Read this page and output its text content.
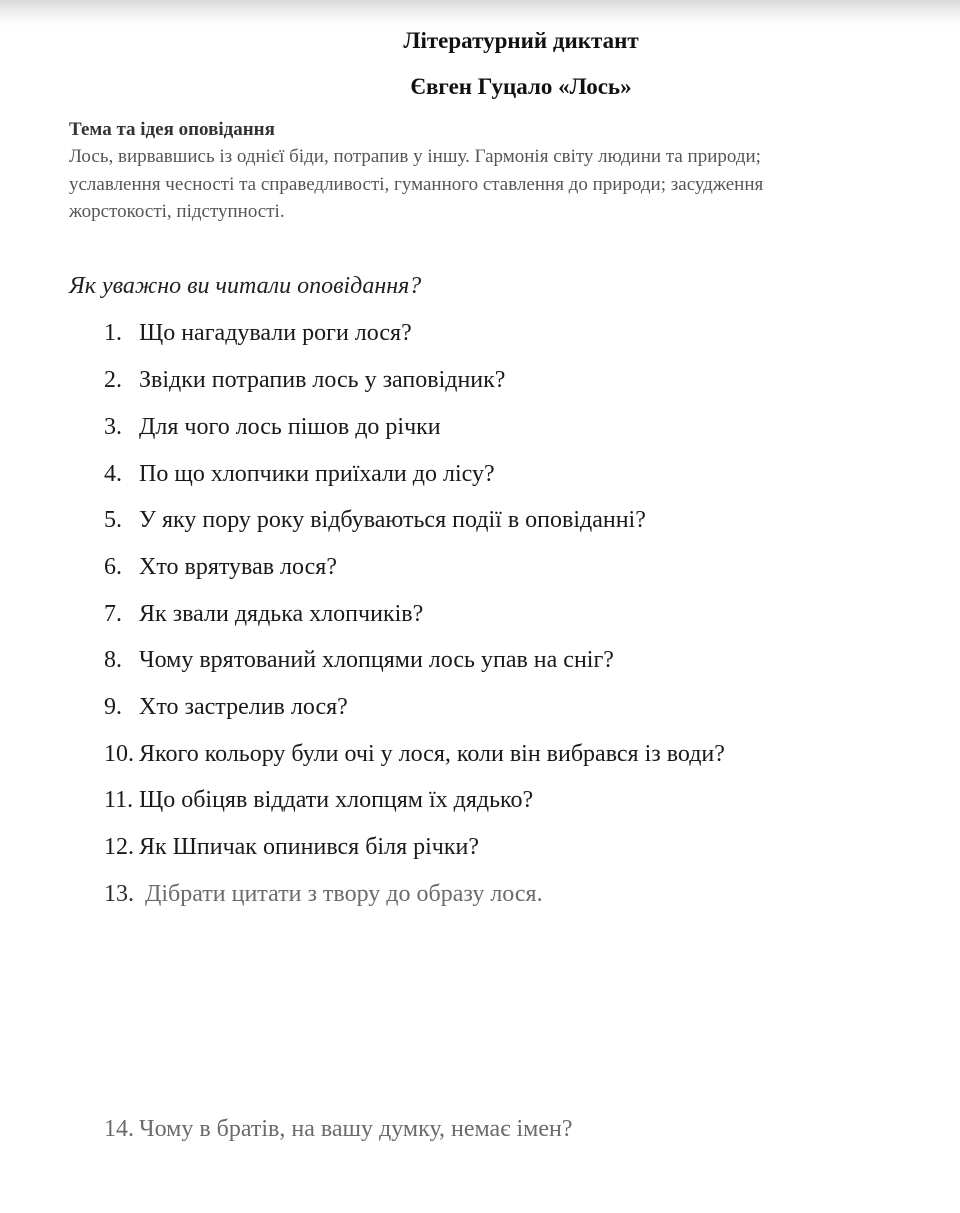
Літературний диктант
Євген Гуцало «Лось»
Тема та ідея оповідання
Лось, вирвавшись із однієї біди, потрапив у іншу. Гармонія світу людини та природи;
уславлення чесності та справедливості, гуманного ставлення до природи; засудження
жорстокості, підступності.
Як уважно ви читали оповідання?
1. Що нагадували роги лося?
2. Звідки потрапив лось у заповідник?
3. Для чого лось пішов до річки
4. По що хлопчики приїхали до лісу?
5. У яку пору року відбуваються події в оповіданні?
6. Хто врятував лося?
7. Як звали дядька хлопчиків?
8. Чому врятований хлопцями лось упав на сніг?
9. Хто застрелив лося?
10. Якого кольору були очі у лося, коли він вибрався із води?
11. Що обіцяв віддати хлопцям їх дядько?
12. Як Шпичак опинився біля річки?
13. Дібрати цитати з твору до образу лося.
14. Чому в братів, на вашу думку, немає імен?
